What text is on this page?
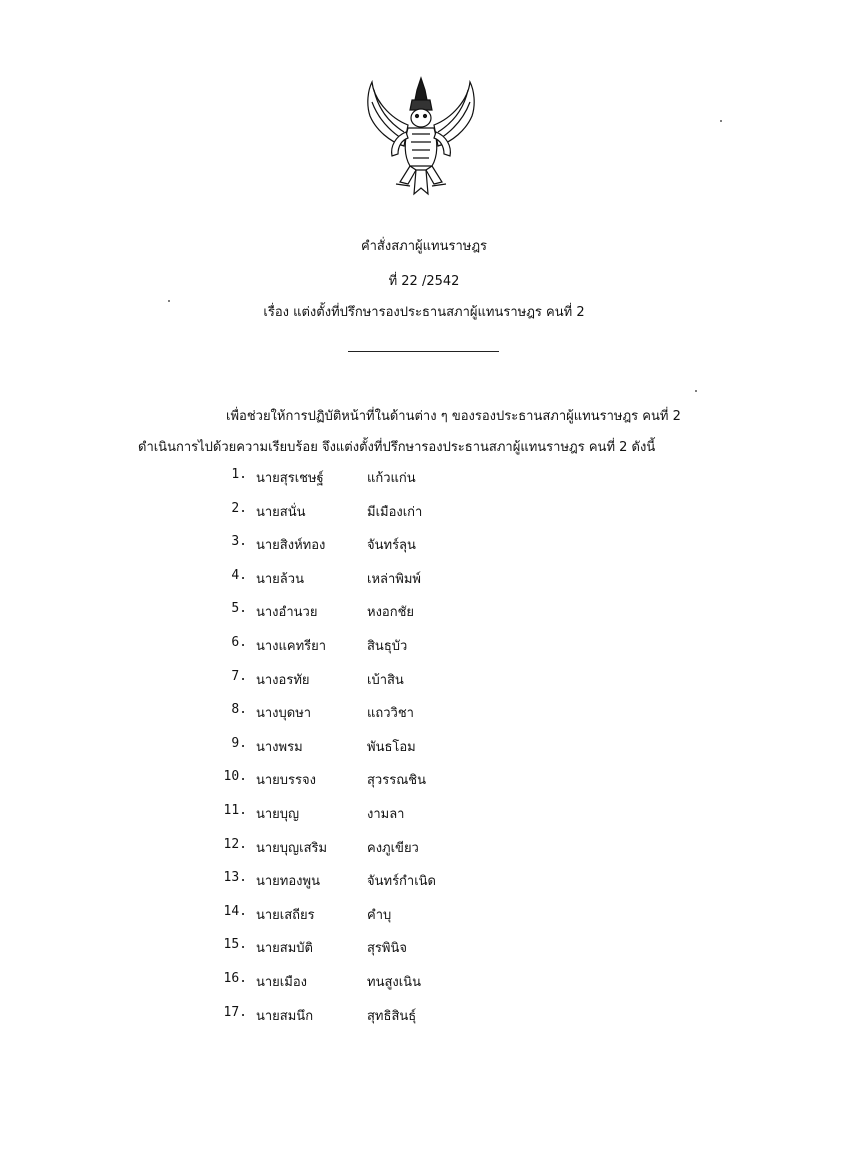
คำสั่งสภาผู้แทนราษฎร
ที่ 22 /2542
เรื่อง แต่งตั้งที่ปรึกษารองประธานสภาผู้แทนราษฎร คนที่ 2
เพื่อช่วยให้การปฏิบัติหน้าที่ในด้านต่าง ๆ ของรองประธานสภาผู้แทนราษฎร คนที่ 2
ดำเนินการไปด้วยความเรียบร้อย จึงแต่งตั้งที่ปรึกษารองประธานสภาผู้แทนราษฎร คนที่ 2 ดังนี้
1. นายสุรเชษฐ์	แก้วแก่น
2. นายสนั่น	มีเมืองเก่า
3. นายสิงห์ทอง	จันทร์ลุน
4. นายล้วน	เหล่าพิมพ์
5. นางอำนวย	หงอกชัย
6. นางแคทรียา	สินธุบัว
7. นางอรทัย	เบ้าสิน
8. นางบุดษา	แถววิชา
9. นางพรม	พันธโอม
10. นายบรรจง	สุวรรณชิน
11. นายบุญ	งามลา
12. นายบุญเสริม	คงภูเขียว
13. นายทองพูน	จันทร์กำเนิด
14. นายเสถียร	คำบุ
15. นายสมบัติ	สุรพินิจ
16. นายเมือง	ทนสูงเนิน
17. นายสมนึก	สุทธิสินธุ์
